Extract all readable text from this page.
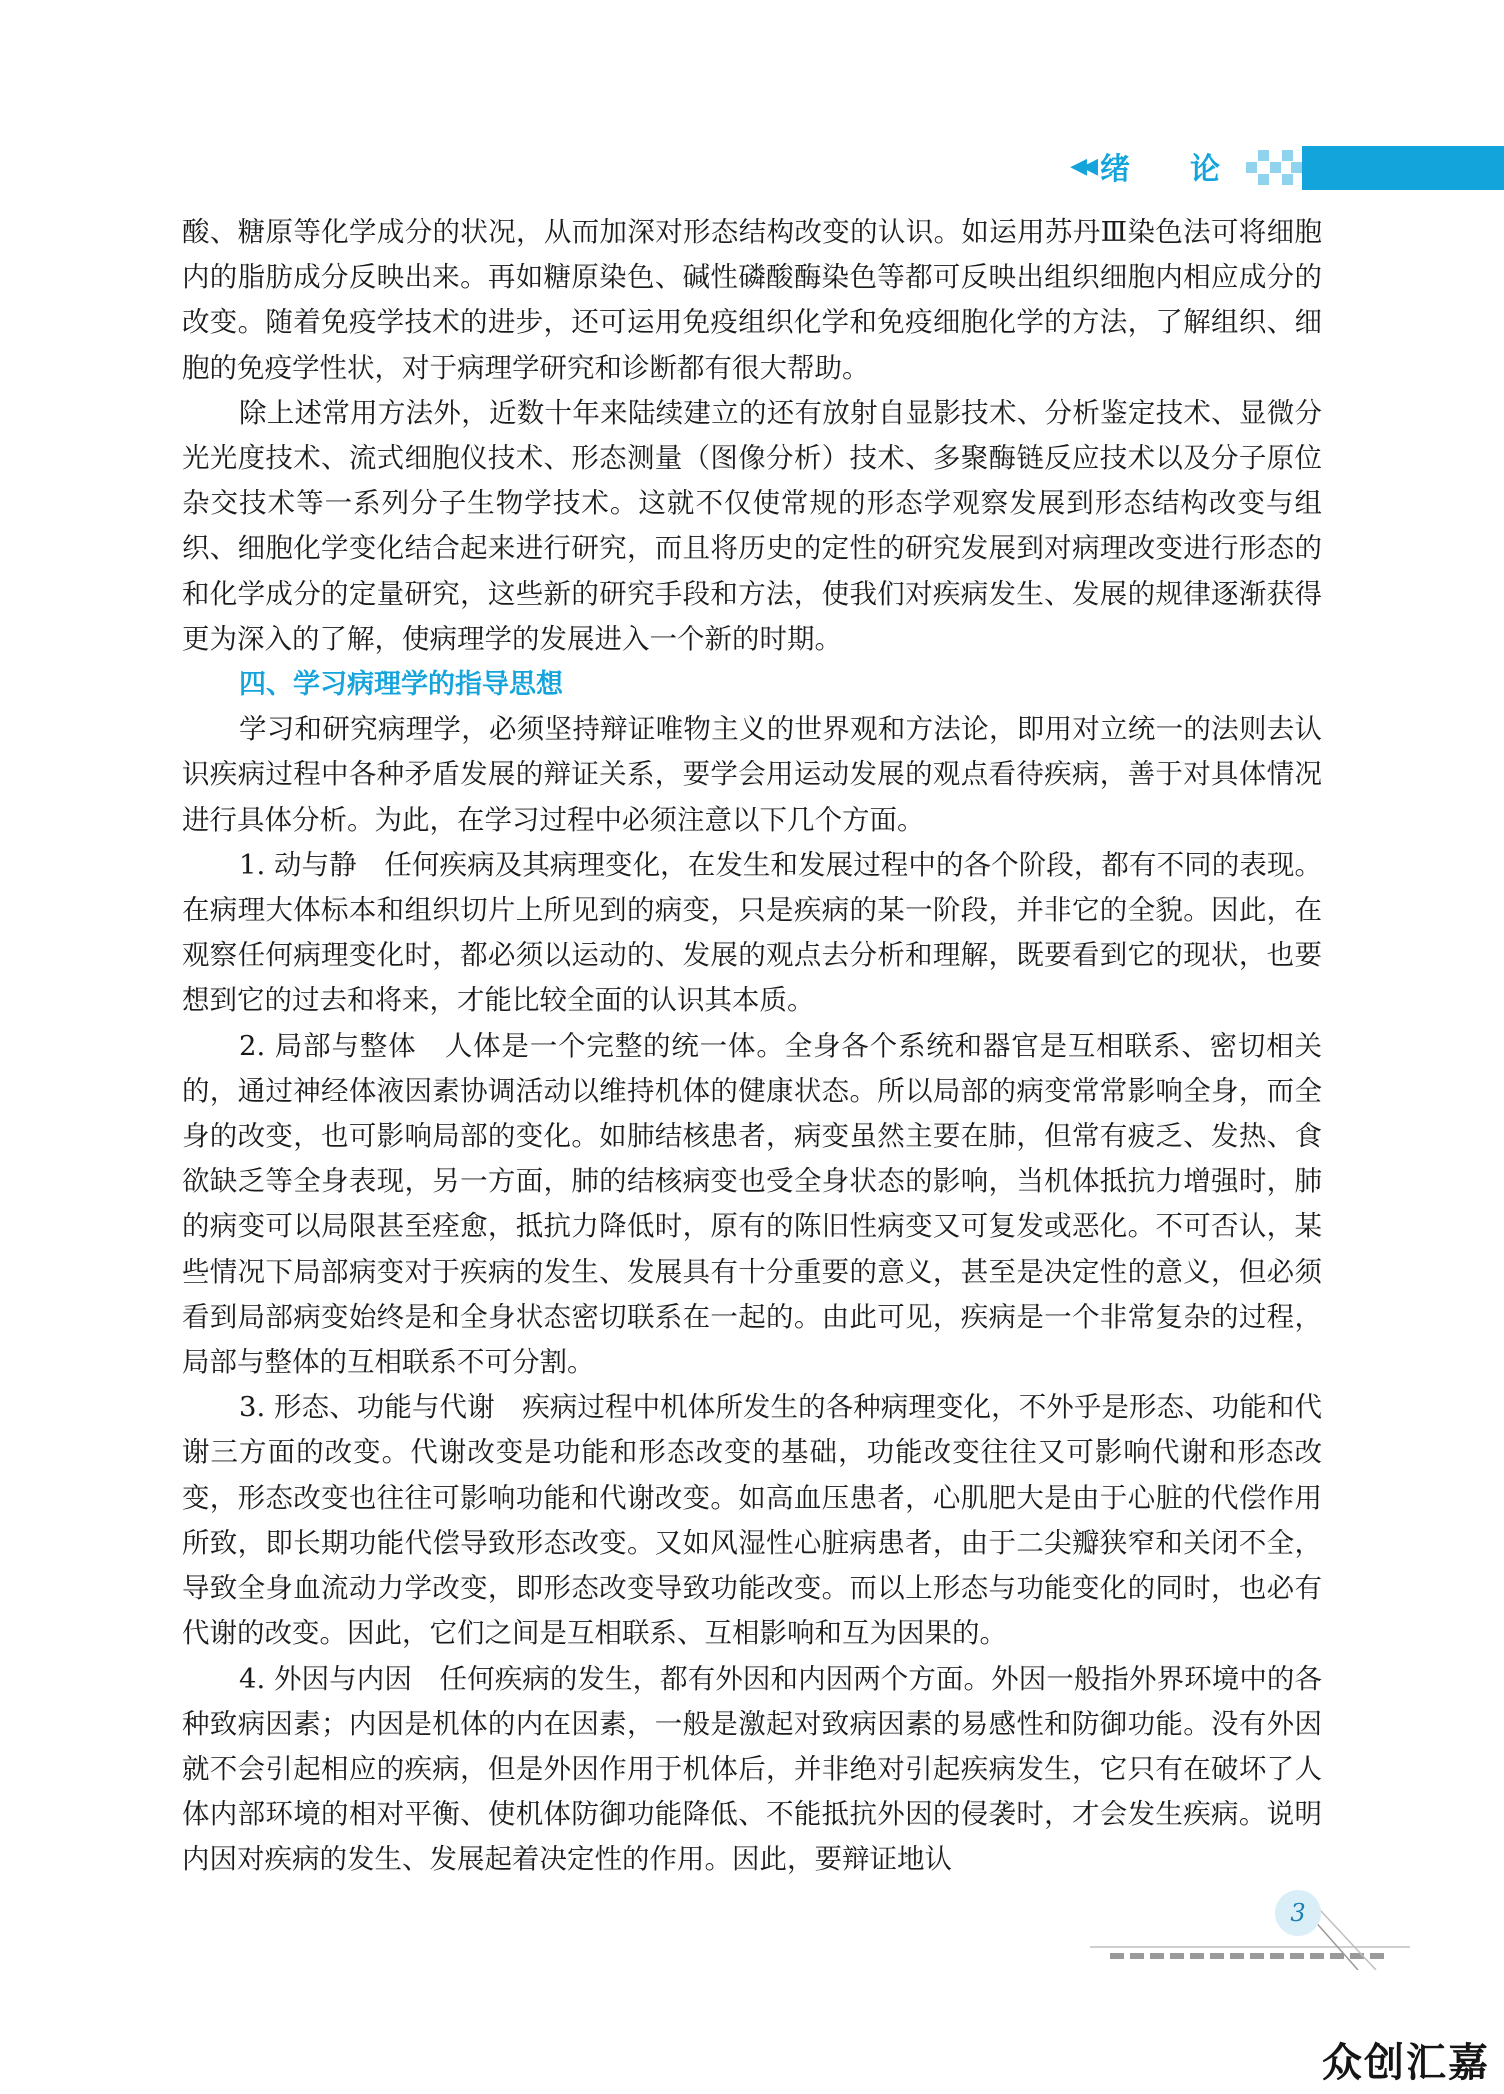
◀◀ 绪 论

酸、糖原等化学成分的状况，从而加深对形态结构改变的认识。如运用苏丹Ⅲ染色法可将细胞内的脂肪成分反映出来。再如糖原染色、碱性磷酸酶染色等都可反映出组织细胞内相应成分的改变。随着免疫学技术的进步，还可运用免疫组织化学和免疫细胞化学的方法，了解组织、细胞的免疫学性状，对于病理学研究和诊断都有很大帮助。

除上述常用方法外，近数十年来陆续建立的还有放射自显影技术、分析鉴定技术、显微分光光度技术、流式细胞仪技术、形态测量（图像分析）技术、多聚酶链反应技术以及分子原位杂交技术等一系列分子生物学技术。这就不仅使常规的形态学观察发展到形态结构改变与组织、细胞化学变化结合起来进行研究，而且将历史的定性的研究发展到对病理改变进行形态的和化学成分的定量研究，这些新的研究手段和方法，使我们对疾病发生、发展的规律逐渐获得更为深入的了解，使病理学的发展进入一个新的时期。

四、学习病理学的指导思想

学习和研究病理学，必须坚持辩证唯物主义的世界观和方法论，即用对立统一的法则去认识疾病过程中各种矛盾发展的辩证关系，要学会用运动发展的观点看待疾病，善于对具体情况进行具体分析。为此，在学习过程中必须注意以下几个方面。

1. 动与静　任何疾病及其病理变化，在发生和发展过程中的各个阶段，都有不同的表现。在病理大体标本和组织切片上所见到的病变，只是疾病的某一阶段，并非它的全貌。因此，在观察任何病理变化时，都必须以运动的、发展的观点去分析和理解，既要看到它的现状，也要想到它的过去和将来，才能比较全面的认识其本质。

2. 局部与整体　人体是一个完整的统一体。全身各个系统和器官是互相联系、密切相关的，通过神经体液因素协调活动以维持机体的健康状态。所以局部的病变常常影响全身，而全身的改变，也可影响局部的变化。如肺结核患者，病变虽然主要在肺，但常有疲乏、发热、食欲缺乏等全身表现，另一方面，肺的结核病变也受全身状态的影响，当机体抵抗力增强时，肺的病变可以局限甚至痊愈，抵抗力降低时，原有的陈旧性病变又可复发或恶化。不可否认，某些情况下局部病变对于疾病的发生、发展具有十分重要的意义，甚至是决定性的意义，但必须看到局部病变始终是和全身状态密切联系在一起的。由此可见，疾病是一个非常复杂的过程，局部与整体的互相联系不可分割。

3. 形态、功能与代谢　疾病过程中机体所发生的各种病理变化，不外乎是形态、功能和代谢三方面的改变。代谢改变是功能和形态改变的基础，功能改变往往又可影响代谢和形态改变，形态改变也往往可影响功能和代谢改变。如高血压患者，心肌肥大是由于心脏的代偿作用所致，即长期功能代偿导致形态改变。又如风湿性心脏病患者，由于二尖瓣狭窄和关闭不全，导致全身血流动力学改变，即形态改变导致功能改变。而以上形态与功能变化的同时，也必有代谢的改变。因此，它们之间是互相联系、互相影响和互为因果的。

4. 外因与内因　任何疾病的发生，都有外因和内因两个方面。外因一般指外界环境中的各种致病因素；内因是机体的内在因素，一般是激起对致病因素的易感性和防御功能。没有外因就不会引起相应的疾病，但是外因作用于机体后，并非绝对引起疾病发生，它只有在破坏了人体内部环境的相对平衡、使机体防御功能降低、不能抵抗外因的侵袭时，才会发生疾病。说明内因对疾病的发生、发展起着决定性的作用。因此，要辩证地认

3
众创汇嘉
